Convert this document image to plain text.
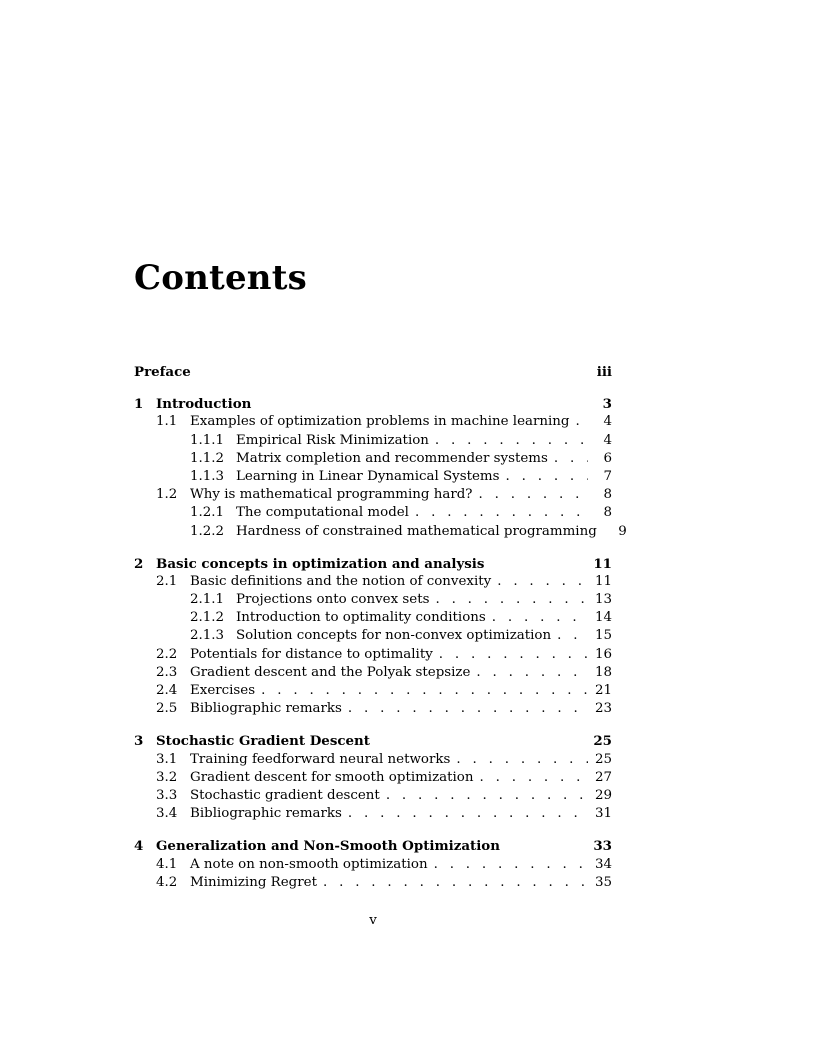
Contents
Preface	iii
1 Introduction	3
1.1 Examples of optimization problems in machine learning . . .	4
1.1.1 Empirical Risk Minimization . . .	4
1.1.2 Matrix completion and recommender systems . . .	6
1.1.3 Learning in Linear Dynamical Systems . . .	7
1.2 Why is mathematical programming hard? . . .	8
1.2.1 The computational model . . .	8
1.2.2 Hardness of constrained mathematical programming	9
2 Basic concepts in optimization and analysis	11
2.1 Basic definitions and the notion of convexity . . .	11
2.1.1 Projections onto convex sets . . .	13
2.1.2 Introduction to optimality conditions . . .	14
2.1.3 Solution concepts for non-convex optimization . . .	15
2.2 Potentials for distance to optimality . . .	16
2.3 Gradient descent and the Polyak stepsize . . .	18
2.4 Exercises . . .	21
2.5 Bibliographic remarks . . .	23
3 Stochastic Gradient Descent	25
3.1 Training feedforward neural networks . . .	25
3.2 Gradient descent for smooth optimization . . .	27
3.3 Stochastic gradient descent . . .	29
3.4 Bibliographic remarks . . .	31
4 Generalization and Non-Smooth Optimization	33
4.1 A note on non-smooth optimization . . .	34
4.2 Minimizing Regret . . .	35
v
